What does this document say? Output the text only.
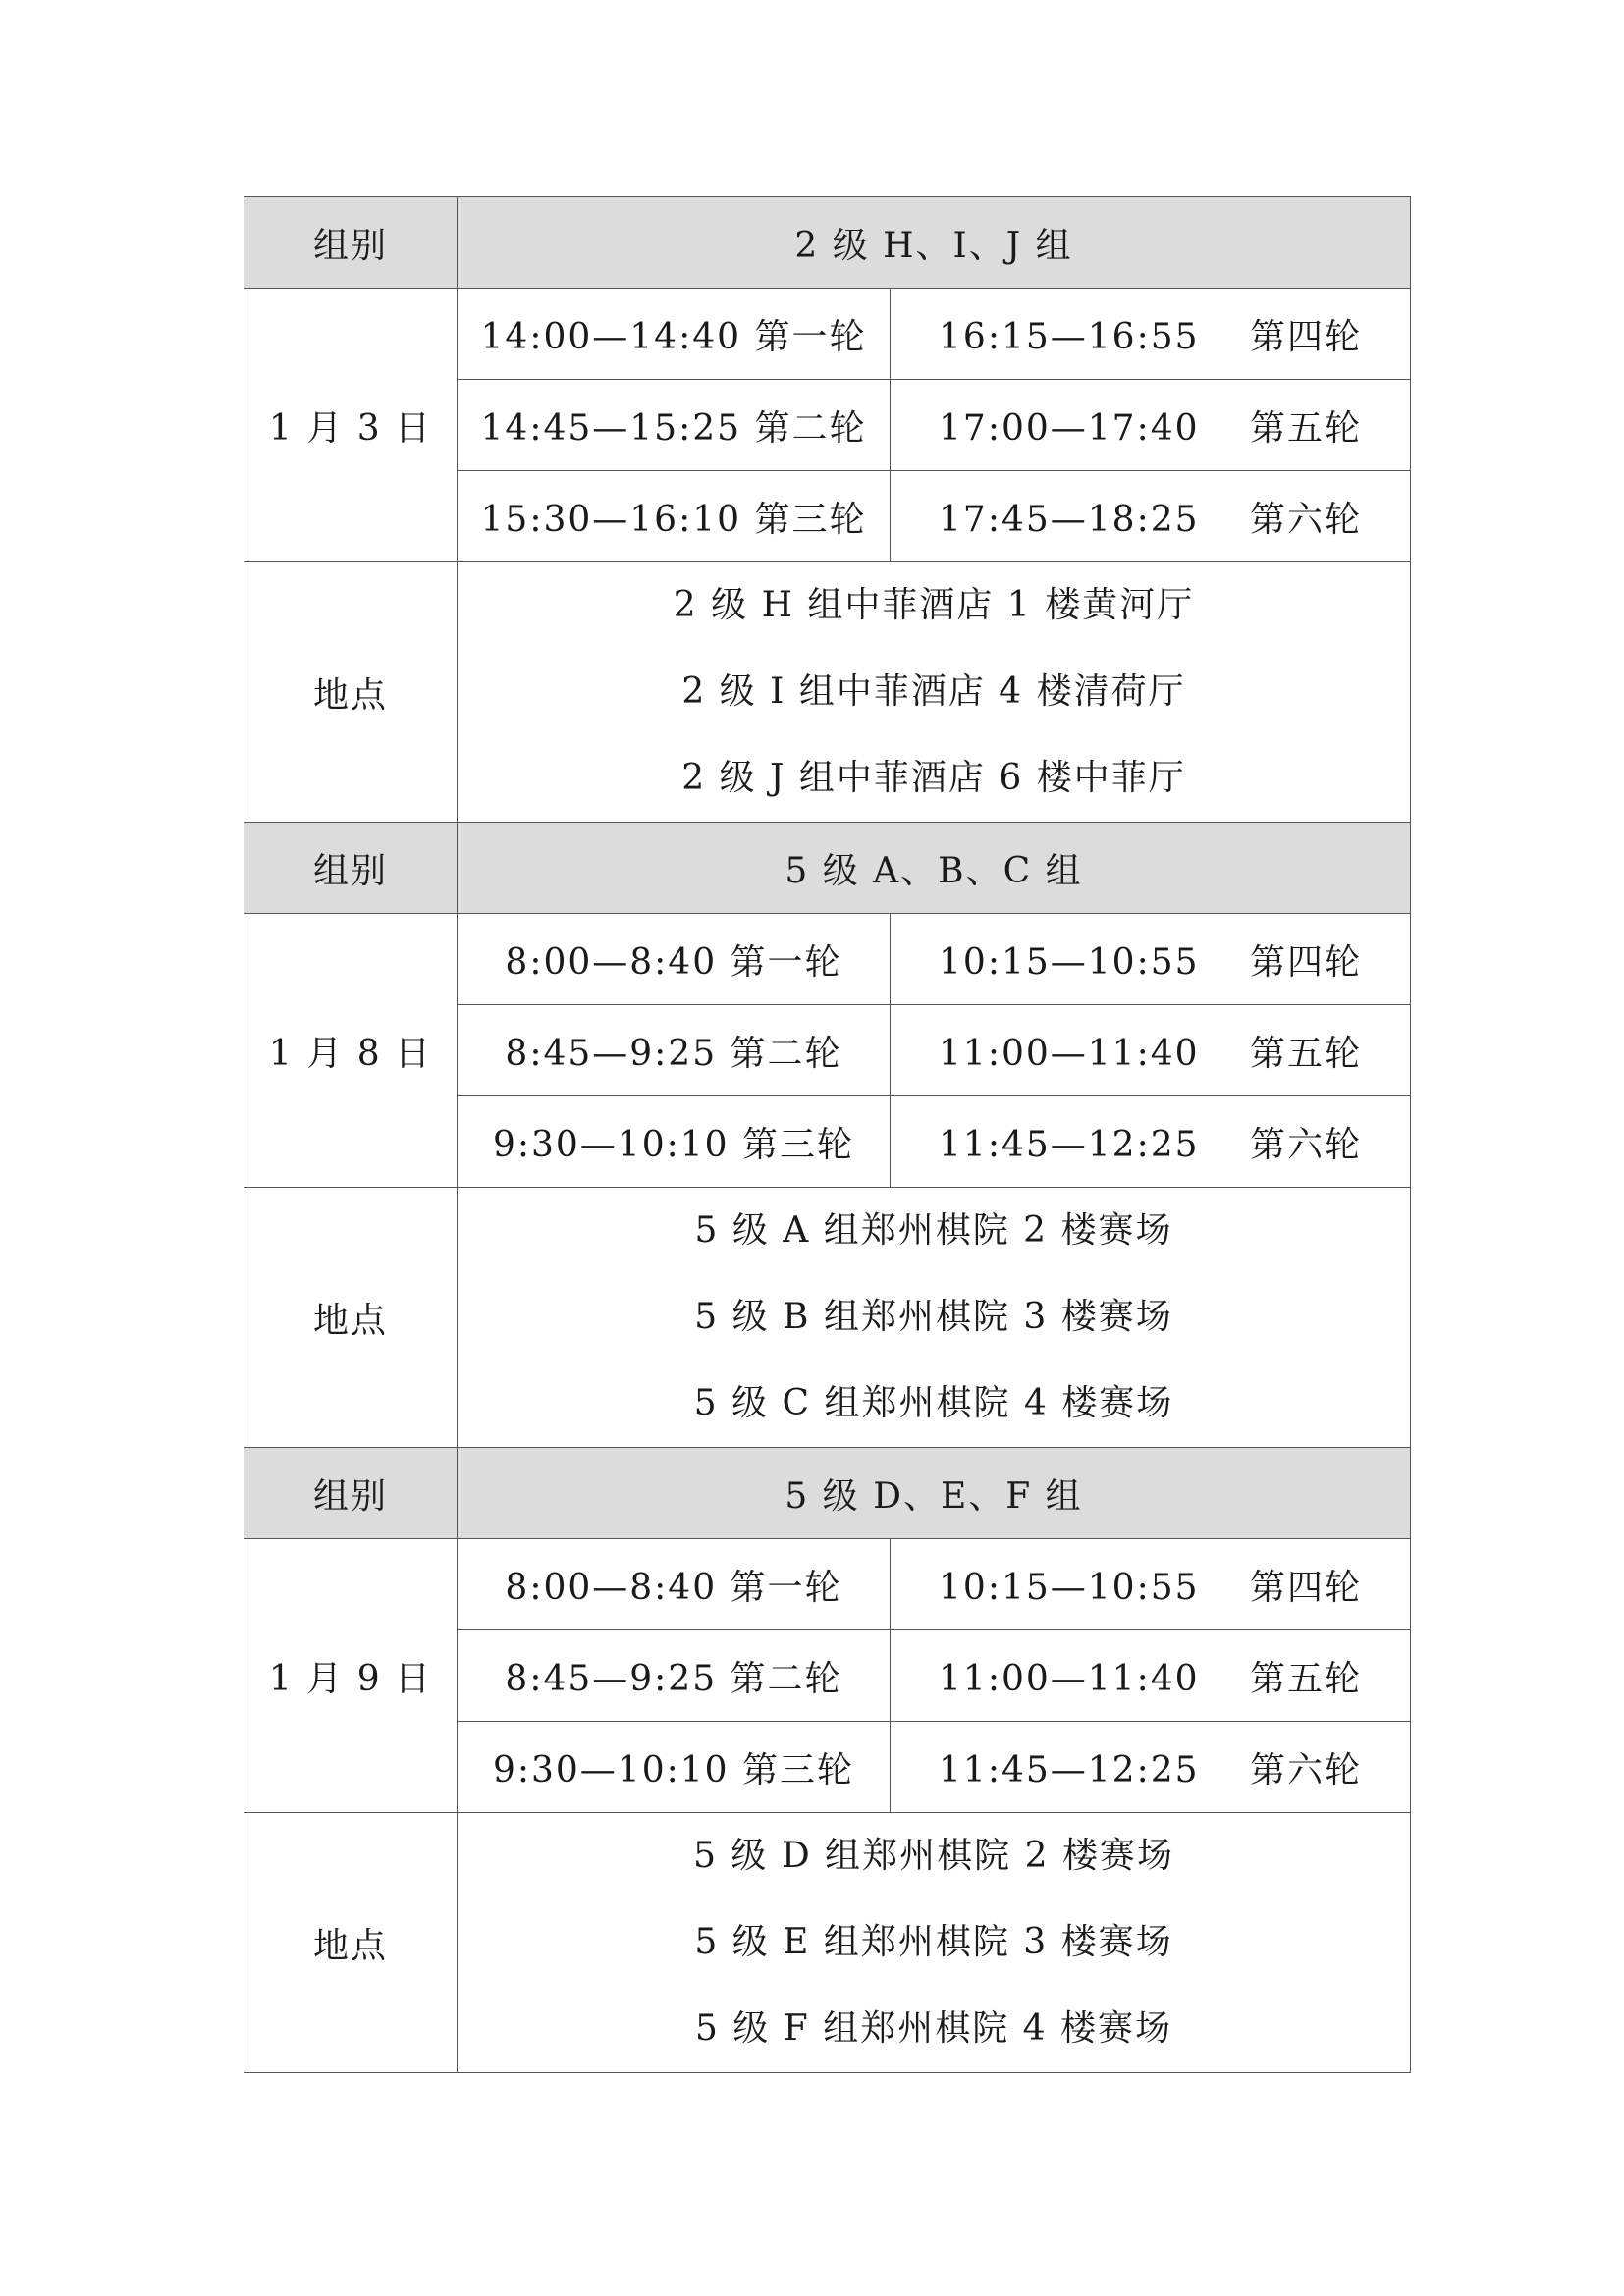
组别	2 级 H、I、J 组	
1 月 3 日	14:00—14:40 第一轮	16:15—16:55　 第四轮
	14:45—15:25 第二轮	17:00—17:40　 第五轮
	15:30—16:10 第三轮	17:45—18:25　 第六轮
地点	2 级 H 组中菲酒店 1 楼黄河厅
2 级 I 组中菲酒店 4 楼清荷厅
2 级 J 组中菲酒店 6 楼中菲厅	

组别	5 级 A、B、C 组	
1 月 8 日	8:00—8:40 第一轮	10:15—10:55　 第四轮
	8:45—9:25 第二轮	11:00—11:40　 第五轮
	9:30—10:10 第三轮	11:45—12:25　 第六轮
地点	5 级 A 组郑州棋院 2 楼赛场
5 级 B 组郑州棋院 3 楼赛场
5 级 C 组郑州棋院 4 楼赛场	

组别	5 级 D、E、F 组	
1 月 9 日	8:00—8:40 第一轮	10:15—10:55　 第四轮
	8:45—9:25 第二轮	11:00—11:40　 第五轮
	9:30—10:10 第三轮	11:45—12:25　 第六轮
地点	5 级 D 组郑州棋院 2 楼赛场
5 级 E 组郑州棋院 3 楼赛场
5 级 F 组郑州棋院 4 楼赛场	
